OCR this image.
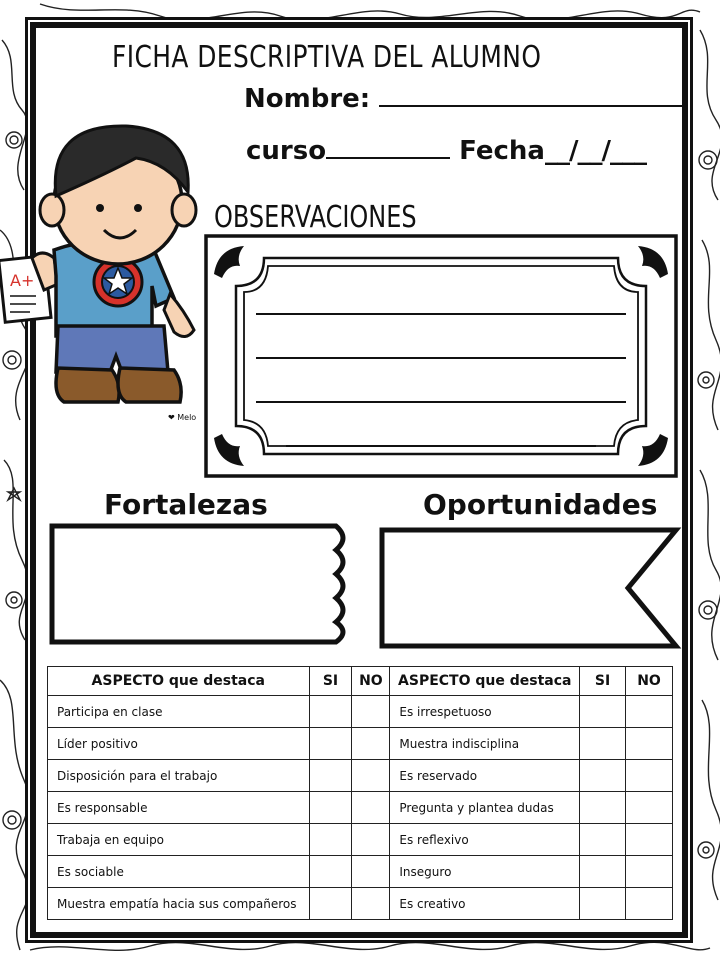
FICHA DESCRIPTIVA DEL ALUMNO
Nombre:
curso	Fecha__/__/___
A+
❤ Melo
OBSERVACIONES
Fortalezas	Oportunidades
ASPECTO que destaca	SI	NO	ASPECTO que destaca	SI	NO
Participa en clase			Es irrespetuoso		
Líder positivo			Muestra indisciplina		
Disposición para el trabajo			Es reservado		
Es responsable			Pregunta y plantea dudas		
Trabaja en equipo			Es reflexivo		
Es sociable			Inseguro		
Muestra empatía hacia sus compañeros			Es creativo		
